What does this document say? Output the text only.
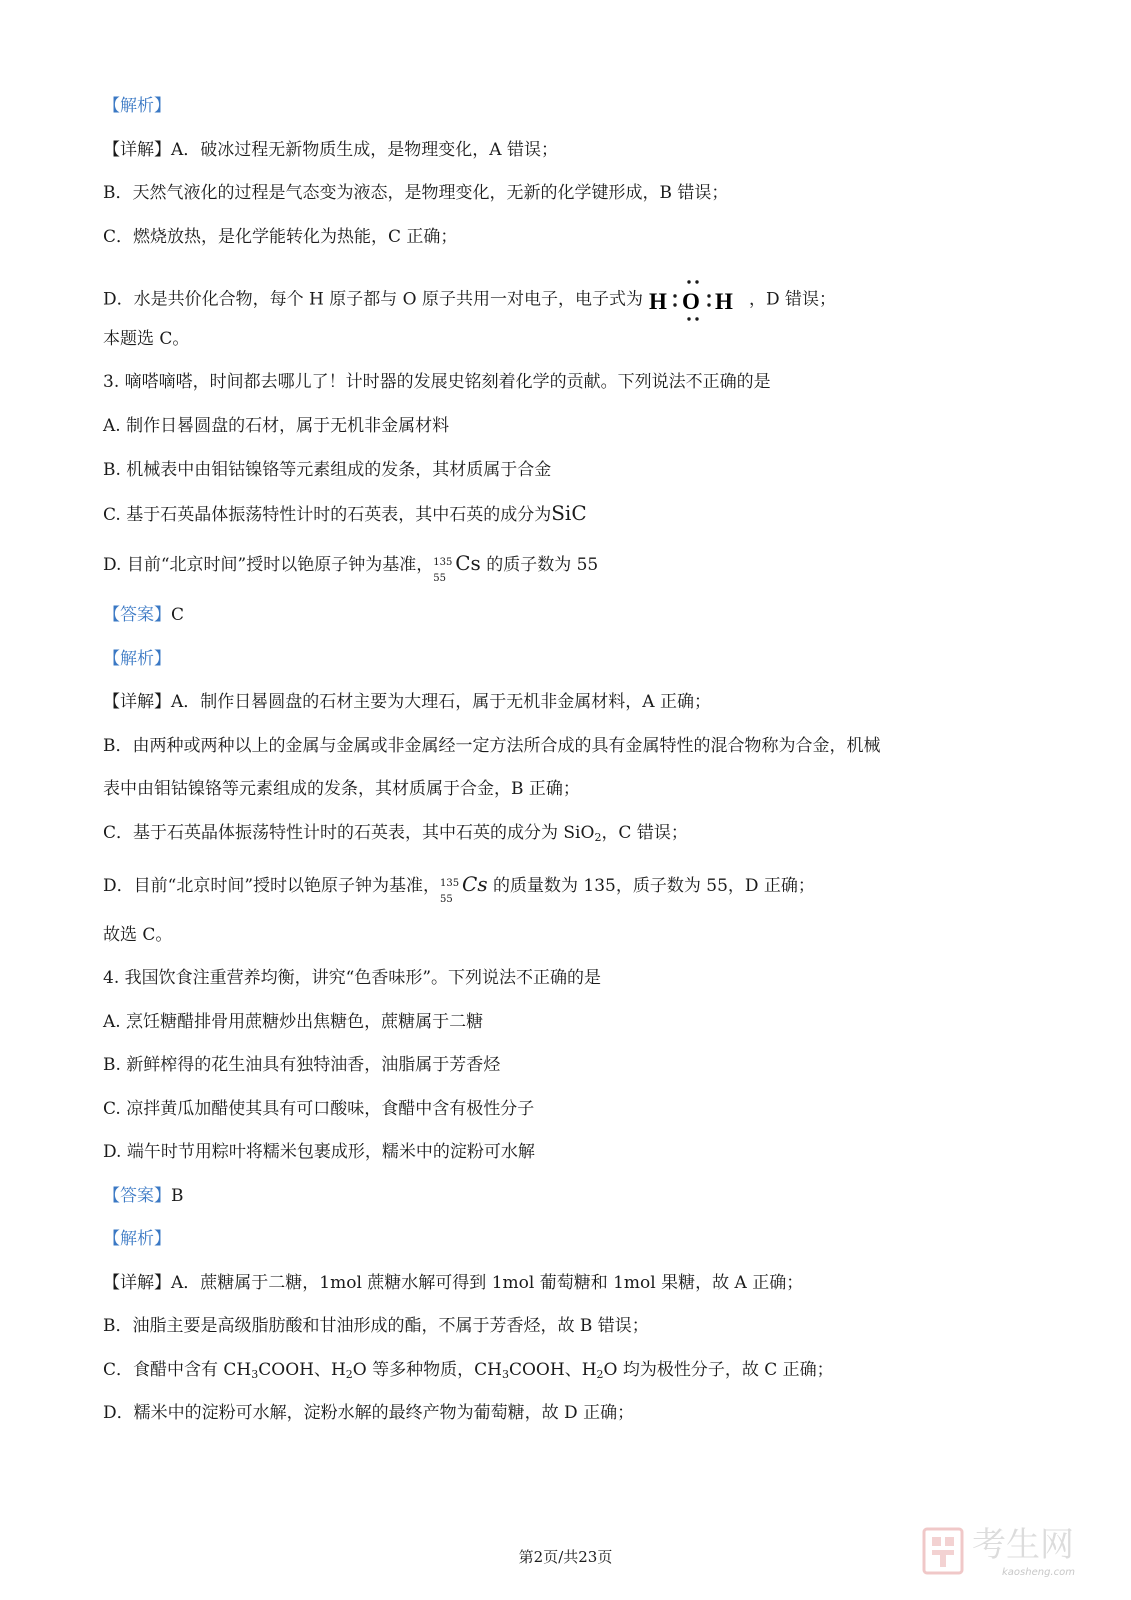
【解析】
【详解】A．破冰过程无新物质生成，是物理变化，A 错误；
B．天然气液化的过程是气态变为液态，是物理变化，无新的化学键形成，B 错误；
C．燃烧放热，是化学能转化为热能，C 正确；
D．水是共价化合物，每个 H 原子都与 O 原子共用一对电子，电子式为 H O H ，D 错误；
本题选 C。
3. 嘀嗒嘀嗒，时间都去哪儿了！计时器的发展史铭刻着化学的贡献。下列说法不正确的是
A. 制作日晷圆盘的石材，属于无机非金属材料
B. 机械表中由钼钴镍铬等元素组成的发条，其材质属于合金
C. 基于石英晶体振荡特性计时的石英表，其中石英的成分为SiC
D. 目前“北京时间”授时以铯原子钟为基准， 135
55
Cs 的质子数为 55
【答案】C
【解析】
【详解】A．制作日晷圆盘的石材主要为大理石，属于无机非金属材料，A 正确；
B．由两种或两种以上的金属与金属或非金属经一定方法所合成的具有金属特性的混合物称为合金，机械
表中由钼钴镍铬等元素组成的发条，其材质属于合金，B 正确；
C．基于石英晶体振荡特性计时的石英表，其中石英的成分为 SiO$_2$，C 错误；
D．目前“北京时间”授时以铯原子钟为基准， 135
55
Cs 的质量数为 135，质子数为 55，D 正确；
故选 C。
4. 我国饮食注重营养均衡，讲究“色香味形”。下列说法不正确的是
A. 烹饪糖醋排骨用蔗糖炒出焦糖色，蔗糖属于二糖
B. 新鲜榨得的花生油具有独特油香，油脂属于芳香烃
C. 凉拌黄瓜加醋使其具有可口酸味，食醋中含有极性分子
D. 端午时节用粽叶将糯米包裹成形，糯米中的淀粉可水解
【答案】B
【解析】
【详解】A．蔗糖属于二糖，1mol 蔗糖水解可得到 1mol 葡萄糖和 1mol 果糖，故 A 正确；
B．油脂主要是高级脂肪酸和甘油形成的酯，不属于芳香烃，故 B 错误；
C．食醋中含有 $CH_3COOH$、$H_2O$ 等多种物质，$CH_3COOH$、$H_2O$ 均为极性分子，故 C 正确；
D．糯米中的淀粉可水解，淀粉水解的最终产物为葡萄糖，故 D 正确；
第2页/共23页	考生网
kaosheng.com
